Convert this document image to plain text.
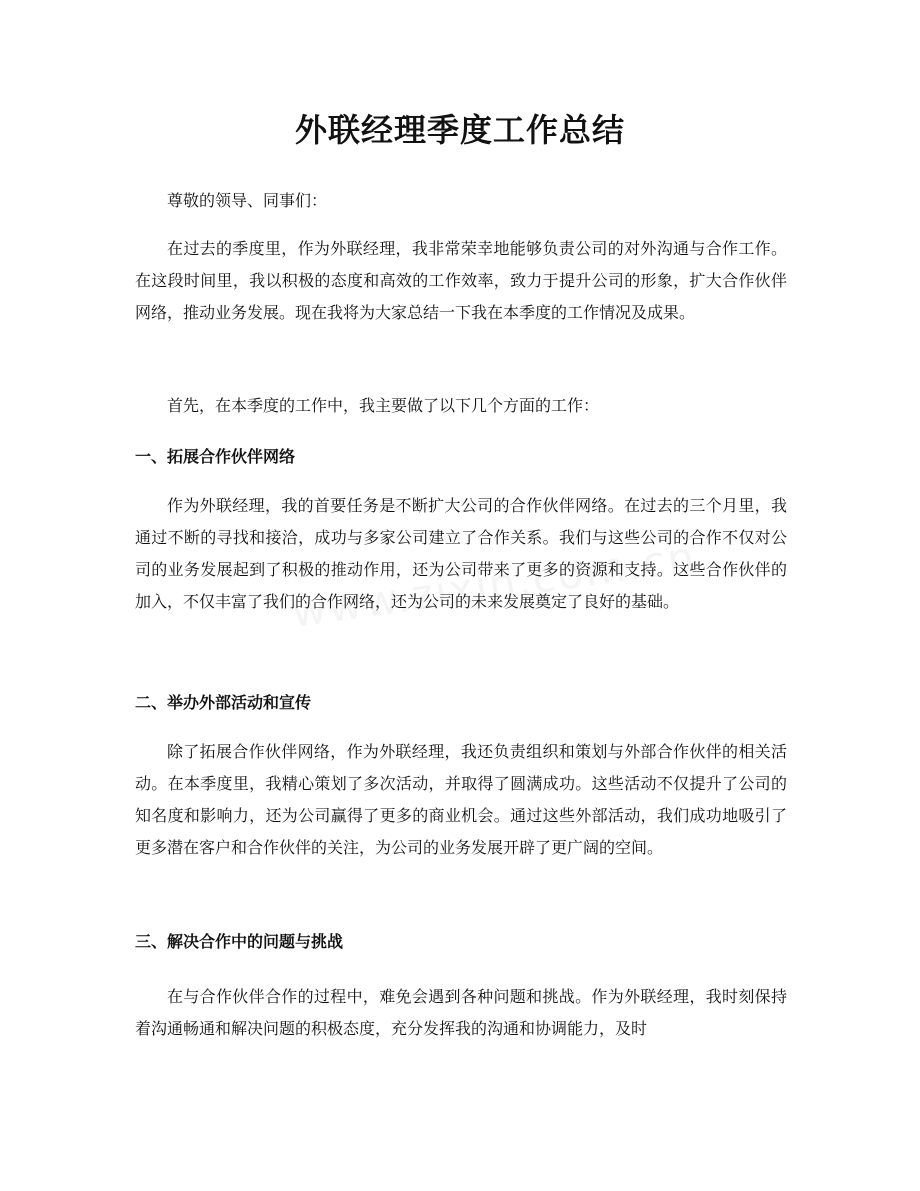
外联经理季度工作总结

尊敬的领导、同事们：

在过去的季度里，作为外联经理，我非常荣幸地能够负责公司的对外沟通与合作工作。在这段时间里，我以积极的态度和高效的工作效率，致力于提升公司的形象，扩大合作伙伴网络，推动业务发展。现在我将为大家总结一下我在本季度的工作情况及成果。

首先，在本季度的工作中，我主要做了以下几个方面的工作：

一、拓展合作伙伴网络

作为外联经理，我的首要任务是不断扩大公司的合作伙伴网络。在过去的三个月里，我通过不断的寻找和接洽，成功与多家公司建立了合作关系。我们与这些公司的合作不仅对公司的业务发展起到了积极的推动作用，还为公司带来了更多的资源和支持。这些合作伙伴的加入，不仅丰富了我们的合作网络，还为公司的未来发展奠定了良好的基础。

二、举办外部活动和宣传

除了拓展合作伙伴网络，作为外联经理，我还负责组织和策划与外部合作伙伴的相关活动。在本季度里，我精心策划了多次活动，并取得了圆满成功。这些活动不仅提升了公司的知名度和影响力，还为公司赢得了更多的商业机会。通过这些外部活动，我们成功地吸引了更多潜在客户和合作伙伴的关注，为公司的业务发展开辟了更广阔的空间。

三、解决合作中的问题与挑战

在与合作伙伴合作的过程中，难免会遇到各种问题和挑战。作为外联经理，我时刻保持着沟通畅通和解决问题的积极态度，充分发挥我的沟通和协调能力，及时
